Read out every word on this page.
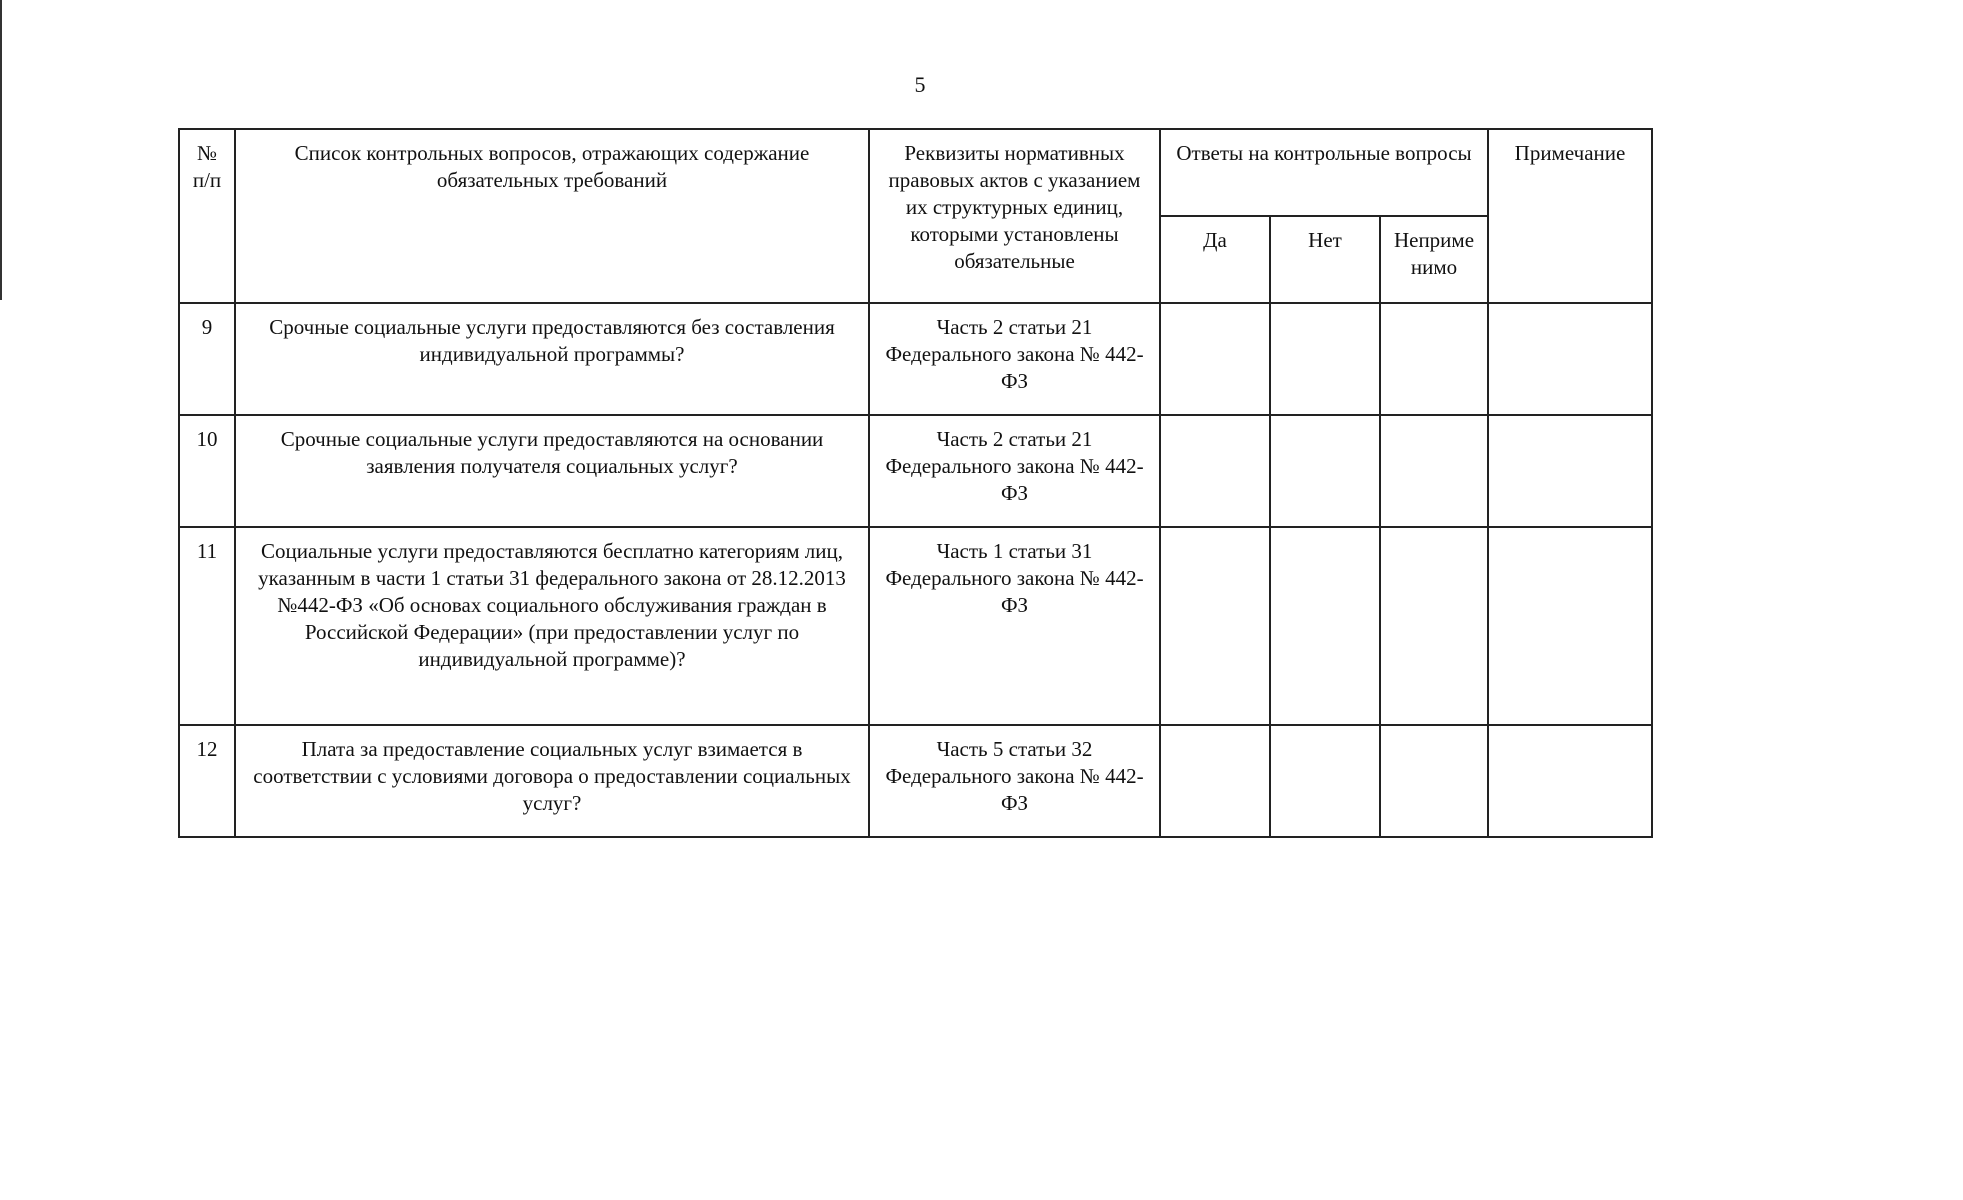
5
№ п/п	Список контрольных вопросов, отражающих содержание обязательных требований	Реквизиты нормативных правовых актов с указанием их структурных единиц, которыми установлены обязательные	Ответы на контрольные вопросы			Примечание
			Да	Нет	Неприме нимо	
9	Срочные социальные услуги предоставляются без составления индивидуальной программы?	Часть 2 статьи 21 Федерального закона № 442-ФЗ				
10	Срочные социальные услуги предоставляются на основании заявления получателя социальных услуг?	Часть 2 статьи 21 Федерального закона № 442-ФЗ				
11	Социальные услуги предоставляются бесплатно категориям лиц, указанным в части 1 статьи 31 федерального закона от 28.12.2013 №442-ФЗ «Об основах социального обслуживания граждан в Российской Федерации» (при предоставлении услуг по индивидуальной программе)?	Часть 1 статьи 31 Федерального закона № 442-ФЗ				
12	Плата за предоставление социальных услуг взимается в соответствии с условиями договора о предоставлении социальных услуг?	Часть 5 статьи 32 Федерального закона № 442-ФЗ				
